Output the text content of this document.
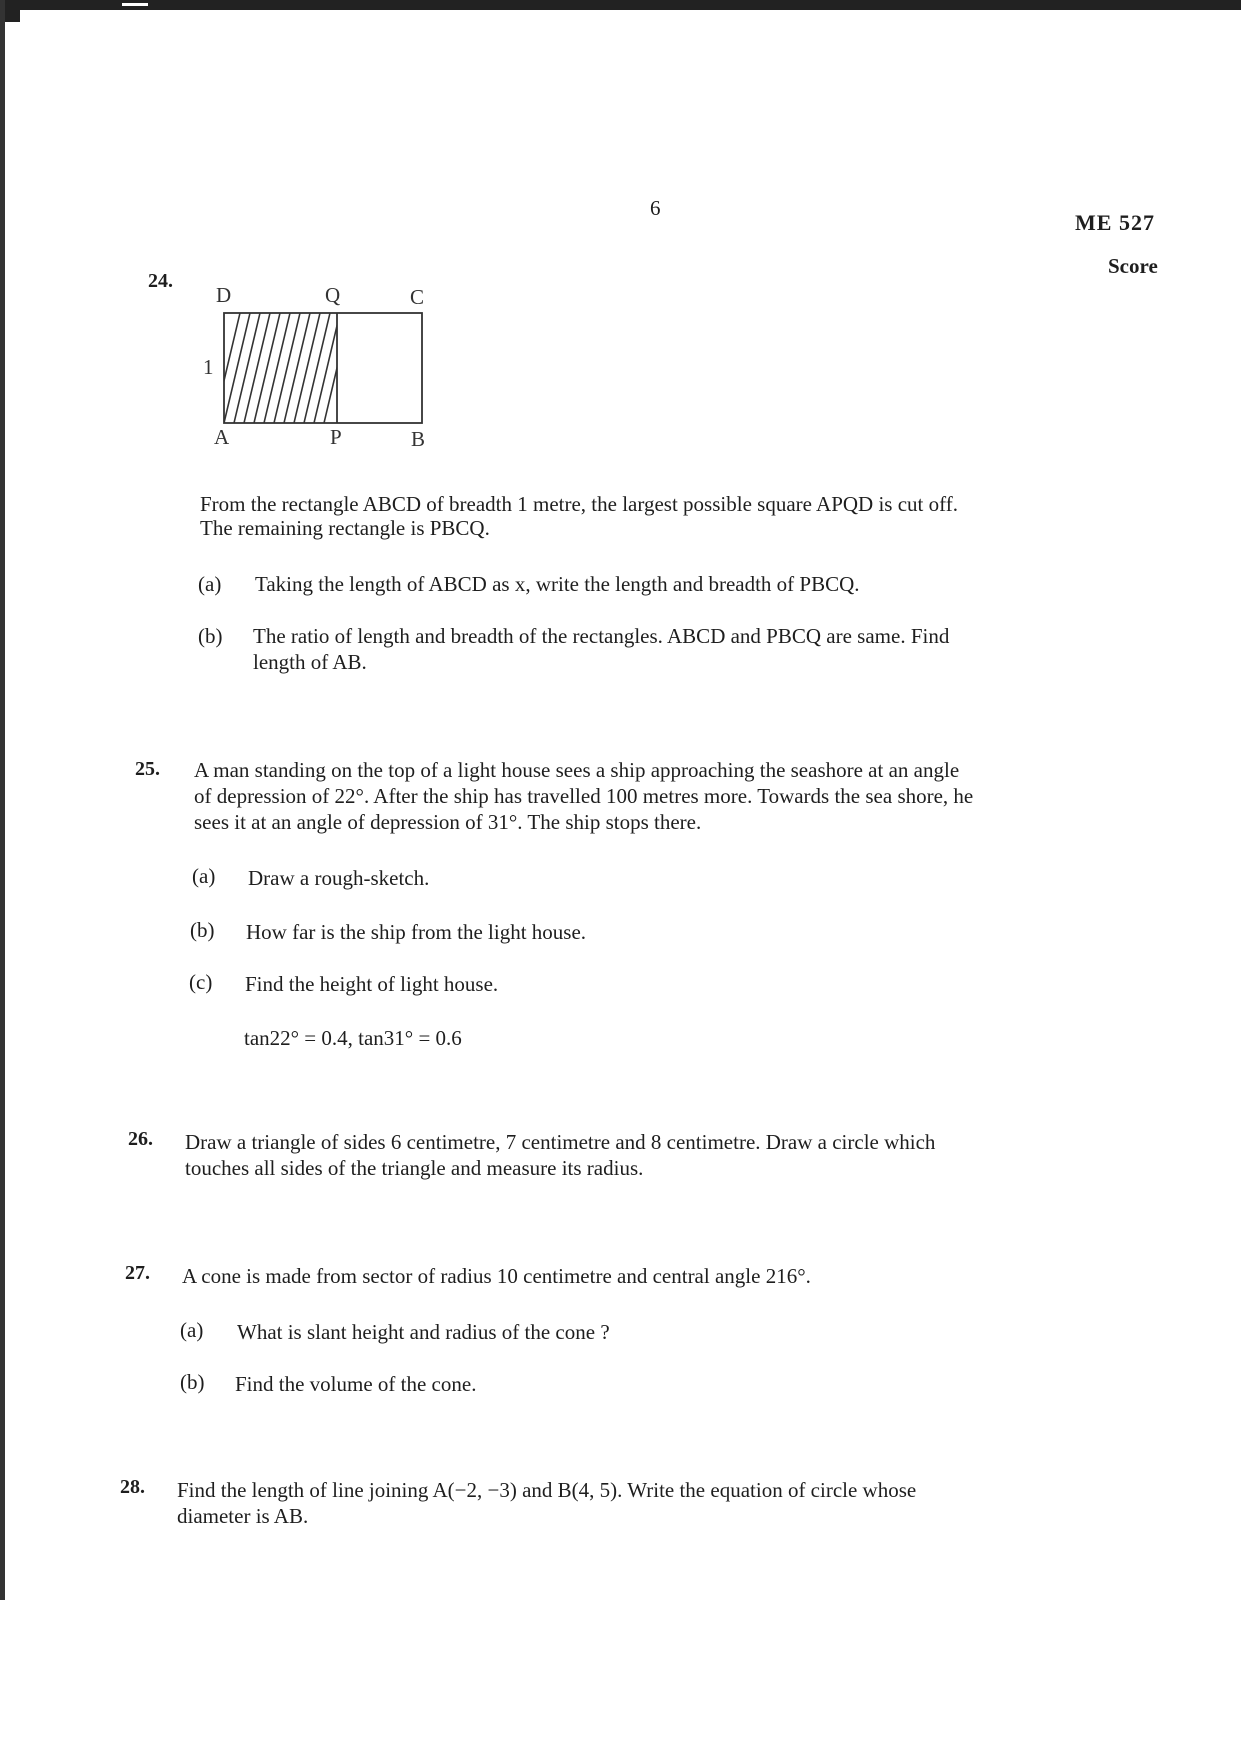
6
ME 527
Score
24.
D	Q	C
1
A	P	B
From the rectangle ABCD of breadth 1 metre, the largest possible square APQD is cut off.
The remaining rectangle is PBCQ.
(a) Taking the length of ABCD as x, write the length and breadth of PBCQ.
(b) The ratio of length and breadth of the rectangles. ABCD and PBCQ are same. Find
length of AB.
25. A man standing on the top of a light house sees a ship approaching the seashore at an angle
of depression of 22°. After the ship has travelled 100 metres more. Towards the sea shore, he
sees it at an angle of depression of 31°. The ship stops there.
(a) Draw a rough-sketch.
(b) How far is the ship from the light house.
(c) Find the height of light house.
tan22° = 0.4, tan31° = 0.6
26. Draw a triangle of sides 6 centimetre, 7 centimetre and 8 centimetre. Draw a circle which
touches all sides of the triangle and measure its radius.
27. A cone is made from sector of radius 10 centimetre and central angle 216°.
(a) What is slant height and radius of the cone ?
(b) Find the volume of the cone.
28. Find the length of line joining A(−2, −3) and B(4, 5). Write the equation of circle whose
diameter is AB.
